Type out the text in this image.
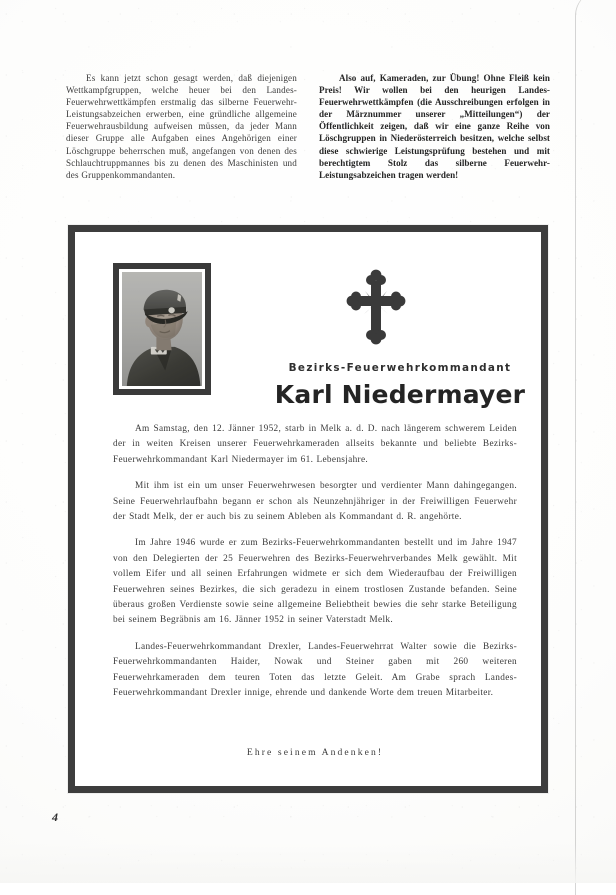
Es kann jetzt schon gesagt werden, daß diejenigen Wettkampfgruppen, welche heuer bei den Landes-Feuerwehrwettkämpfen erstmalig das silberne Feuerwehr-Leistungsabzeichen erwerben, eine gründliche allgemeine Feuerwehrausbildung aufweisen müssen, da jeder Mann dieser Gruppe alle Aufgaben eines Angehörigen einer Löschgruppe beherrschen muß, angefangen von denen des Schlauchtruppmannes bis zu denen des Maschinisten und des Gruppenkommandanten.

Also auf, Kameraden, zur Übung! Ohne Fleiß kein Preis! Wir wollen bei den heurigen Landes-Feuerwehrwettkämpfen (die Ausschreibungen erfolgen in der Märznummer unserer „Mitteilungen“) der Öffentlichkeit zeigen, daß wir eine ganze Reihe von Löschgruppen in Niederösterreich besitzen, welche selbst diese schwierige Leistungsprüfung bestehen und mit berechtigtem Stolz das silberne Feuerwehr-Leistungsabzeichen tragen werden!

Bezirks-Feuerwehrkommandant
Karl Niedermayer

Am Samstag, den 12. Jänner 1952, starb in Melk a. d. D. nach längerem schwerem Leiden der in weiten Kreisen unserer Feuerwehrkameraden allseits bekannte und beliebte Bezirks-Feuerwehrkommandant Karl Niedermayer im 61. Lebensjahre.

Mit ihm ist ein um unser Feuerwehrwesen besorgter und verdienter Mann dahingegangen. Seine Feuerwehrlaufbahn begann er schon als Neunzehnjähriger in der Freiwilligen Feuerwehr der Stadt Melk, der er auch bis zu seinem Ableben als Kommandant d. R. angehörte.

Im Jahre 1946 wurde er zum Bezirks-Feuerwehrkommandanten bestellt und im Jahre 1947 von den Delegierten der 25 Feuerwehren des Bezirks-Feuerwehrverbandes Melk gewählt. Mit vollem Eifer und all seinen Erfahrungen widmete er sich dem Wiederaufbau der Freiwilligen Feuerwehren seines Bezirkes, die sich geradezu in einem trostlosen Zustande befanden. Seine überaus großen Verdienste sowie seine allgemeine Beliebtheit bewies die sehr starke Beteiligung bei seinem Begräbnis am 16. Jänner 1952 in seiner Vaterstadt Melk.

Landes-Feuerwehrkommandant Drexler, Landes-Feuerwehrrat Walter sowie die Bezirks-Feuerwehrkommandanten Haider, Nowak und Steiner gaben mit 260 weiteren Feuerwehrkameraden dem teuren Toten das letzte Geleit. Am Grabe sprach Landes-Feuerwehrkommandant Drexler innige, ehrende und dankende Worte dem treuen Mitarbeiter.

Ehre seinem Andenken!
4
